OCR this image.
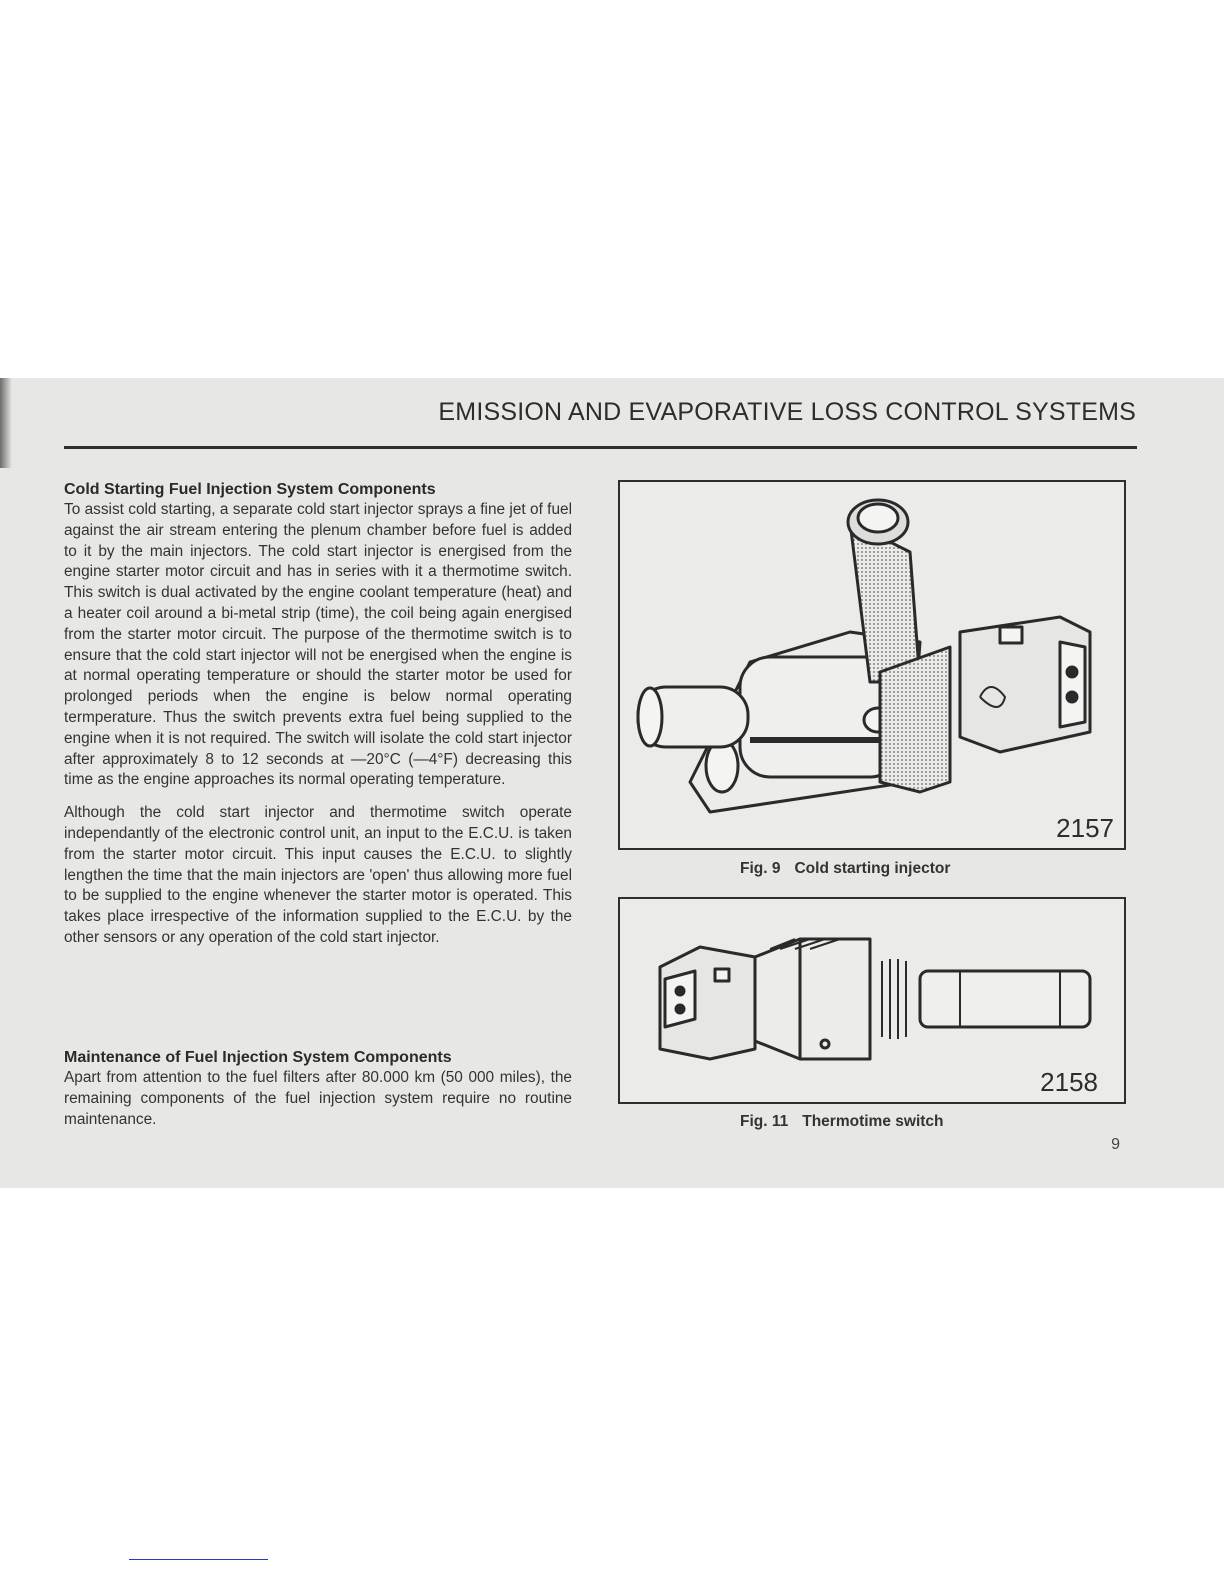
EMISSION AND EVAPORATIVE LOSS CONTROL SYSTEMS
Cold Starting Fuel Injection System Components

To assist cold starting, a separate cold start injector sprays a fine jet of fuel against the air stream entering the plenum chamber before fuel is added to it by the main injectors. The cold start injector is energised from the engine starter motor circuit and has in series with it a thermotime switch. This switch is dual activated by the engine coolant temperature (heat) and a heater coil around a bi-metal strip (time), the coil being again energised from the starter motor circuit. The purpose of the thermotime switch is to ensure that the cold start injector will not be energised when the engine is at normal operating temperature or should the starter motor be used for prolonged periods when the engine is below normal operating termperature. Thus the switch prevents extra fuel being supplied to the engine when it is not required. The switch will isolate the cold start injector after approximately 8 to 12 seconds at —20°C (—4°F) decreasing this time as the engine approaches its normal operating temperature.

Although the cold start injector and thermotime switch operate independantly of the electronic control unit, an input to the E.C.U. is taken from the starter motor circuit. This input causes the E.C.U. to slightly lengthen the time that the main injectors are 'open' thus allowing more fuel to be supplied to the engine whenever the starter motor is operated. This takes place irrespective of the information supplied to the E.C.U. by the other sensors or any operation of the cold start injector.

Maintenance of Fuel Injection System Components

Apart from attention to the fuel filters after 80.000 km (50 000 miles), the remaining components of the fuel injection system require no routine maintenance.

2157
Fig. 9 Cold starting injector
2158
Fig. 11 Thermotime switch
9
